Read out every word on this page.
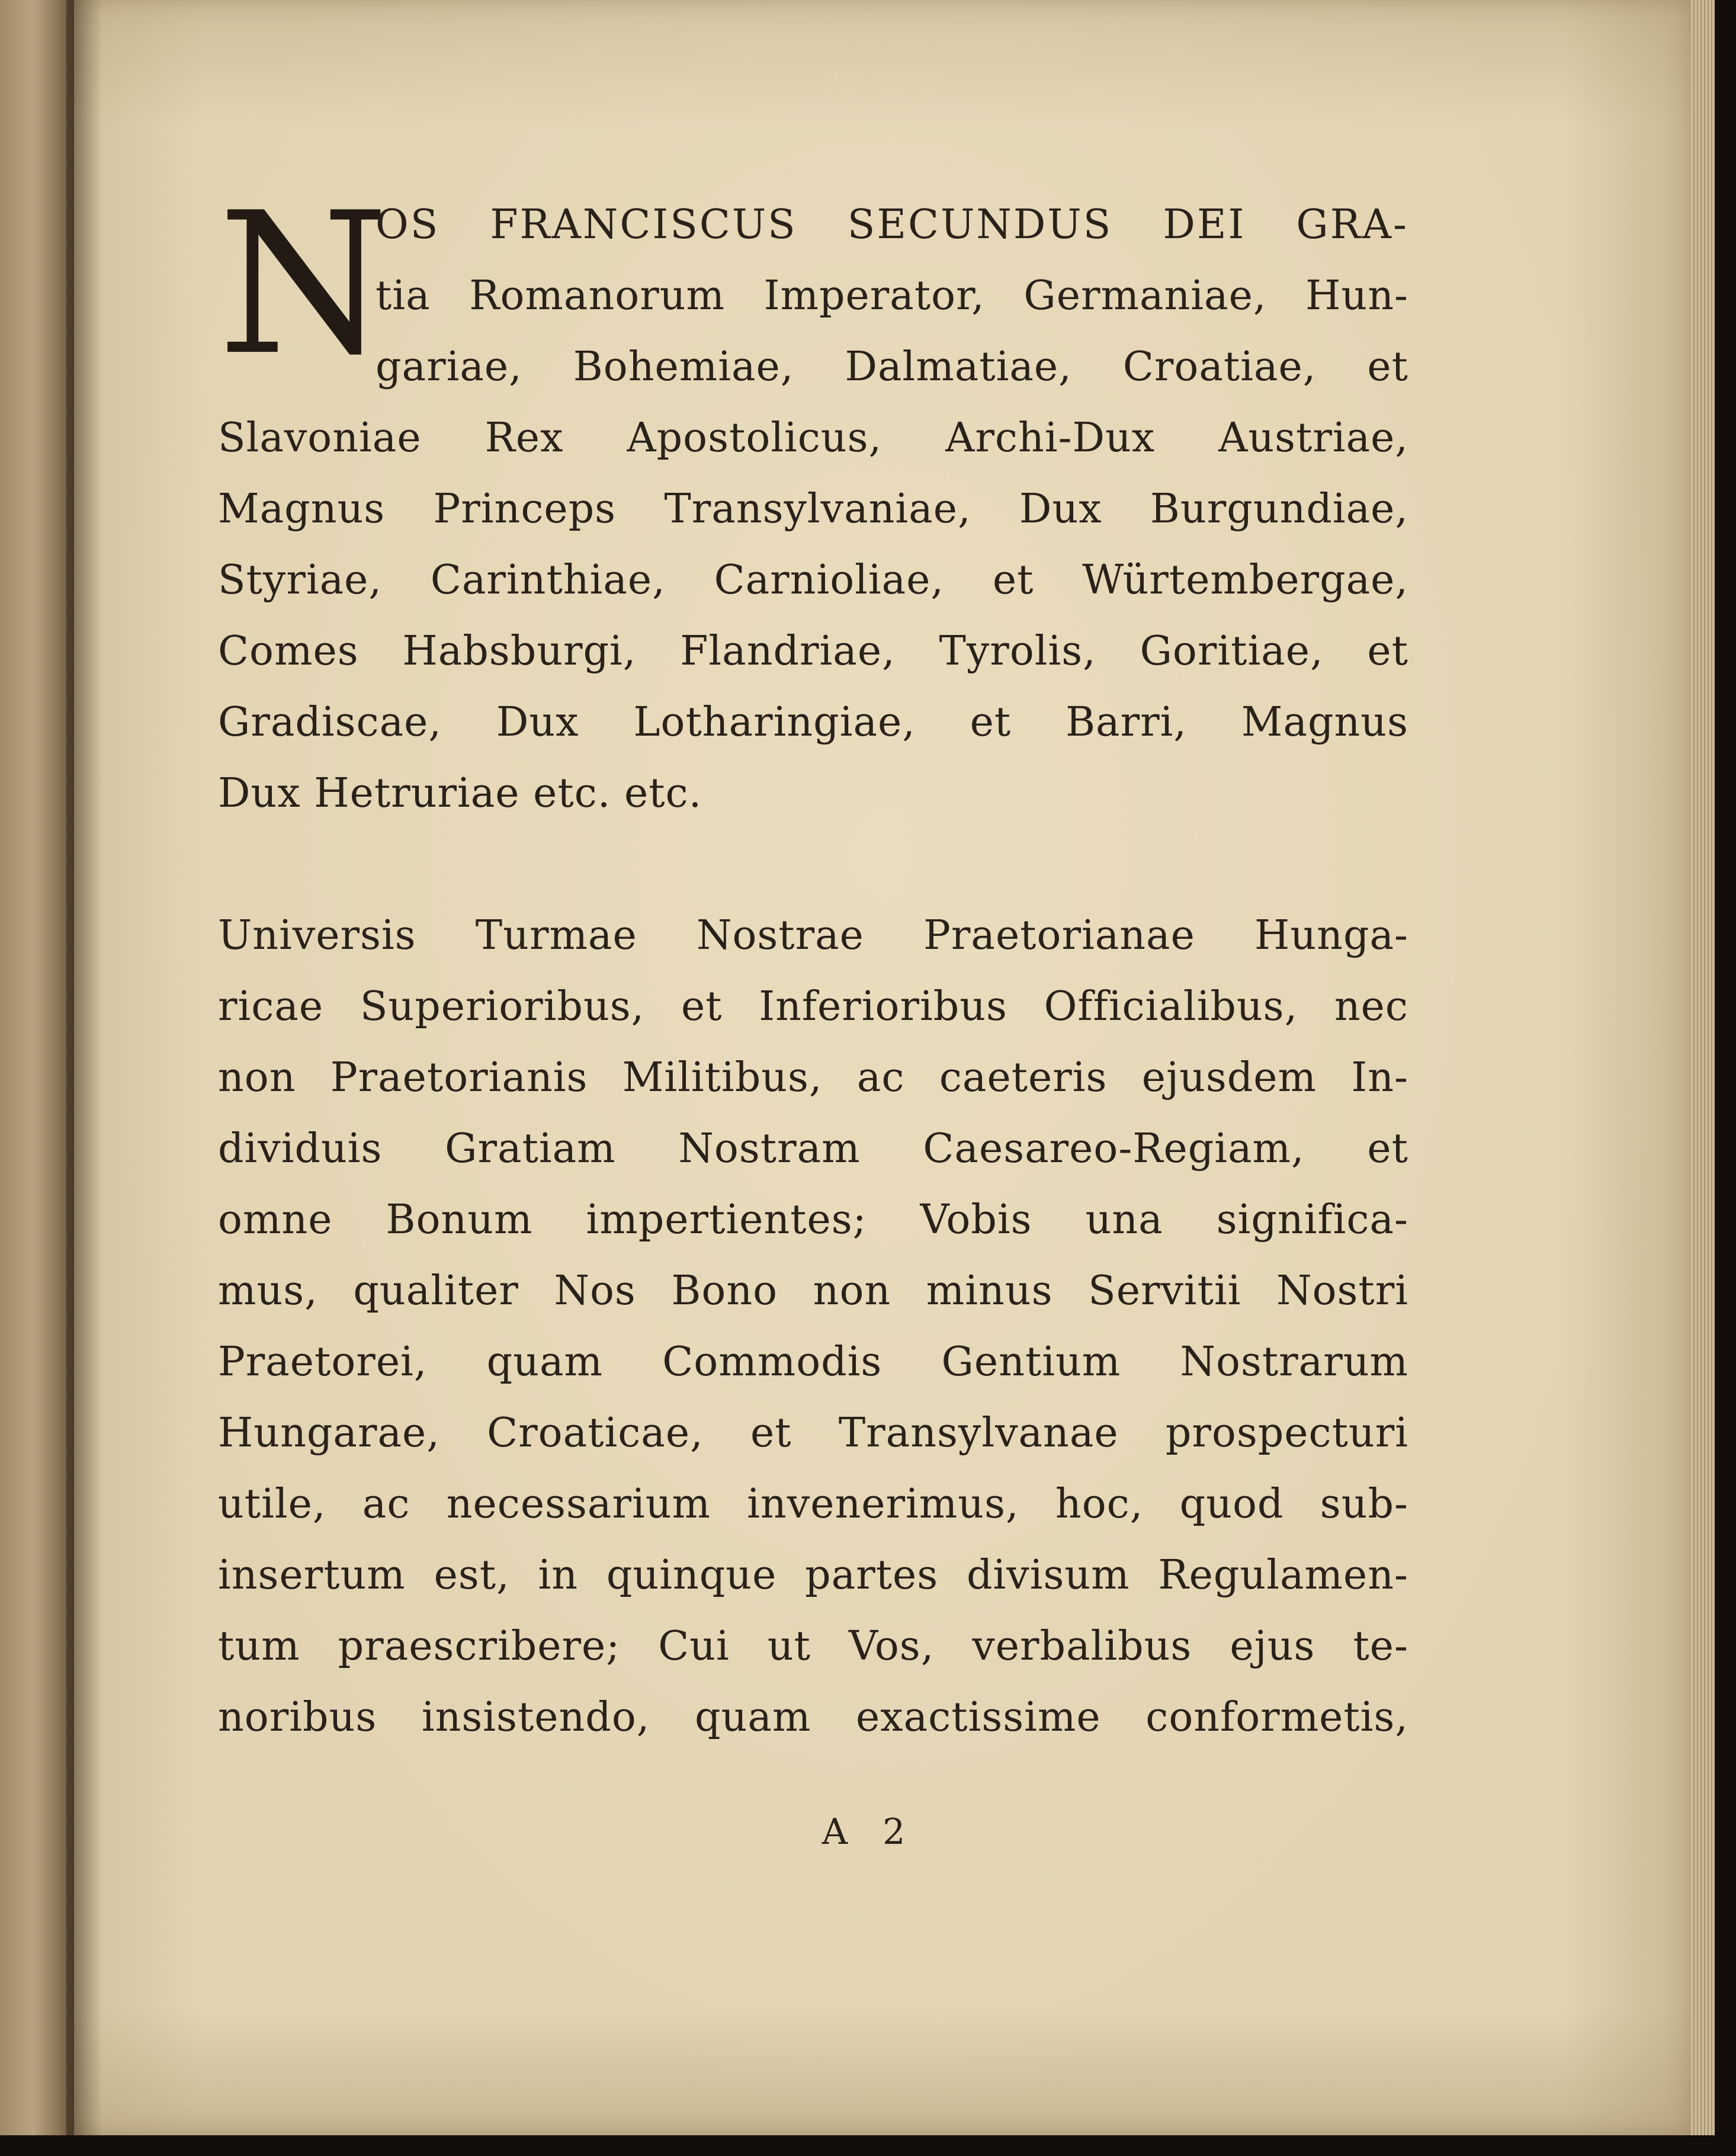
N
OS FRANCISCUS SECUNDUS DEI GRA-
tia Romanorum Imperator, Germaniae, Hun-
gariae, Bohemiae, Dalmatiae, Croatiae, et
Slavoniae Rex Apostolicus, Archi-Dux Austriae,
Magnus Princeps Transylvaniae, Dux Burgundiae,
Styriae, Carinthiae, Carnioliae, et Würtembergae,
Comes Habsburgi, Flandriae, Tyrolis, Goritiae, et
Gradiscae, Dux Lotharingiae, et Barri, Magnus
Dux Hetruriae etc. etc.
Universis Turmae Nostrae Praetorianae Hunga-
ricae Superioribus, et Inferioribus Officialibus, nec
non Praetorianis Militibus, ac caeteris ejusdem In-
dividuis Gratiam Nostram Caesareo-Regiam, et
omne Bonum impertientes; Vobis una significa-
mus, qualiter Nos Bono non minus Servitii Nostri
Praetorei, quam Commodis Gentium Nostrarum
Hungarae, Croaticae, et Transylvanae prospecturi
utile, ac necessarium invenerimus, hoc, quod sub-
insertum est, in quinque partes divisum Regulamen-
tum praescribere; Cui ut Vos, verbalibus ejus te-
noribus insistendo, quam exactissime conformetis,
A 2
